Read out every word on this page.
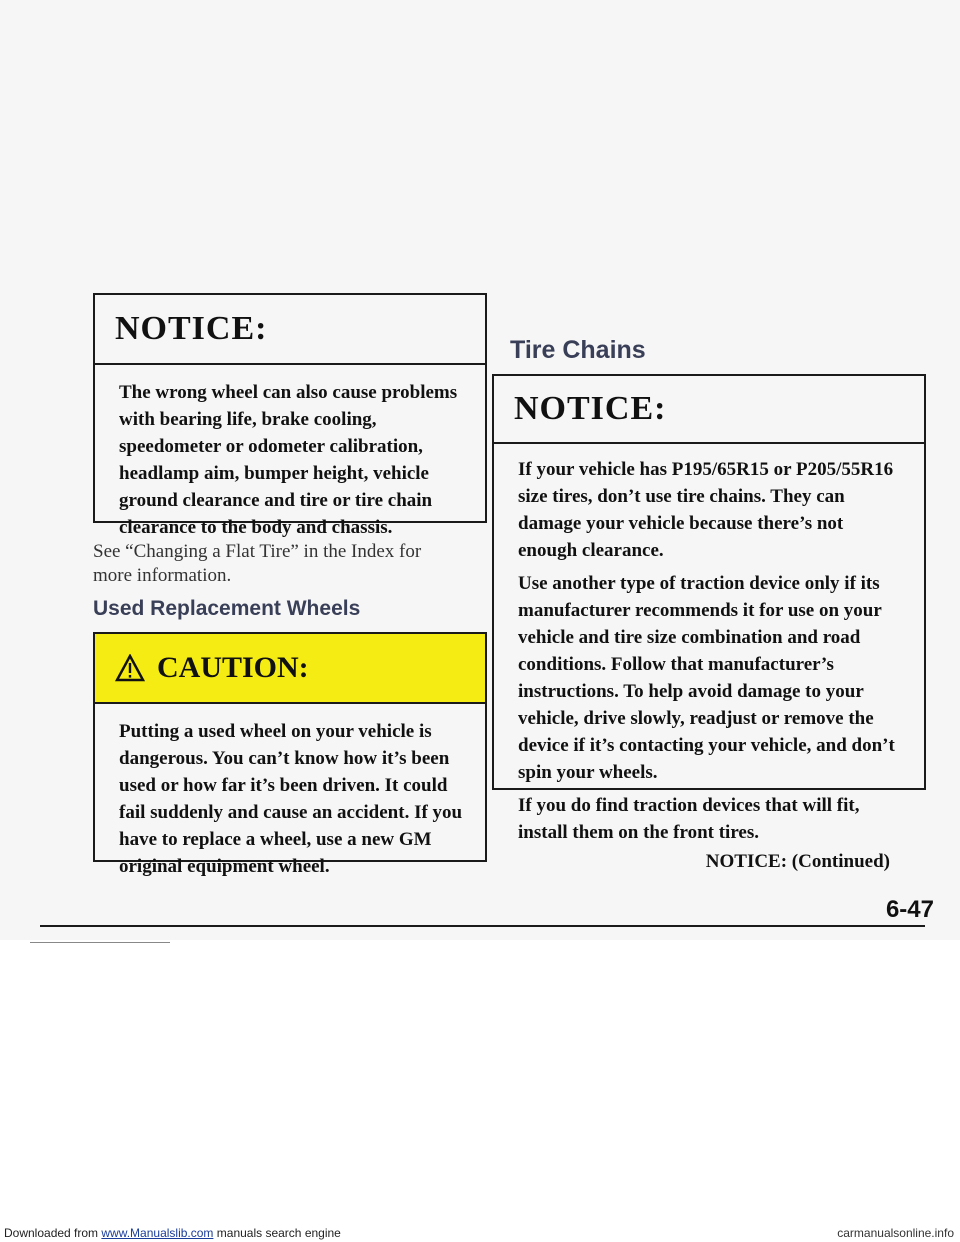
NOTICE:

The wrong wheel can also cause problems with bearing life, brake cooling, speedometer or odometer calibration, headlamp aim, bumper height, vehicle ground clearance and tire or tire chain clearance to the body and chassis.

See “Changing a Flat Tire” in the Index for more information.
Used Replacement Wheels
CAUTION:

Putting a used wheel on your vehicle is dangerous. You can’t know how it’s been used or how far it’s been driven. It could fail suddenly and cause an accident. If you have to replace a wheel, use a new GM original equipment wheel.

Tire Chains
NOTICE:

If your vehicle has P195/65R15 or P205/55R16 size tires, don’t use tire chains. They can damage your vehicle because there’s not enough clearance.

Use another type of traction device only if its manufacturer recommends it for use on your vehicle and tire size combination and road conditions. Follow that manufacturer’s instructions. To help avoid damage to your vehicle, drive slowly, readjust or remove the device if it’s contacting your vehicle, and don’t spin your wheels.

If you do find traction devices that will fit, install them on the front tires.

NOTICE: (Continued)
6-47
Downloaded from www.Manualslib.com manuals search engine	carmanualsonline.info
